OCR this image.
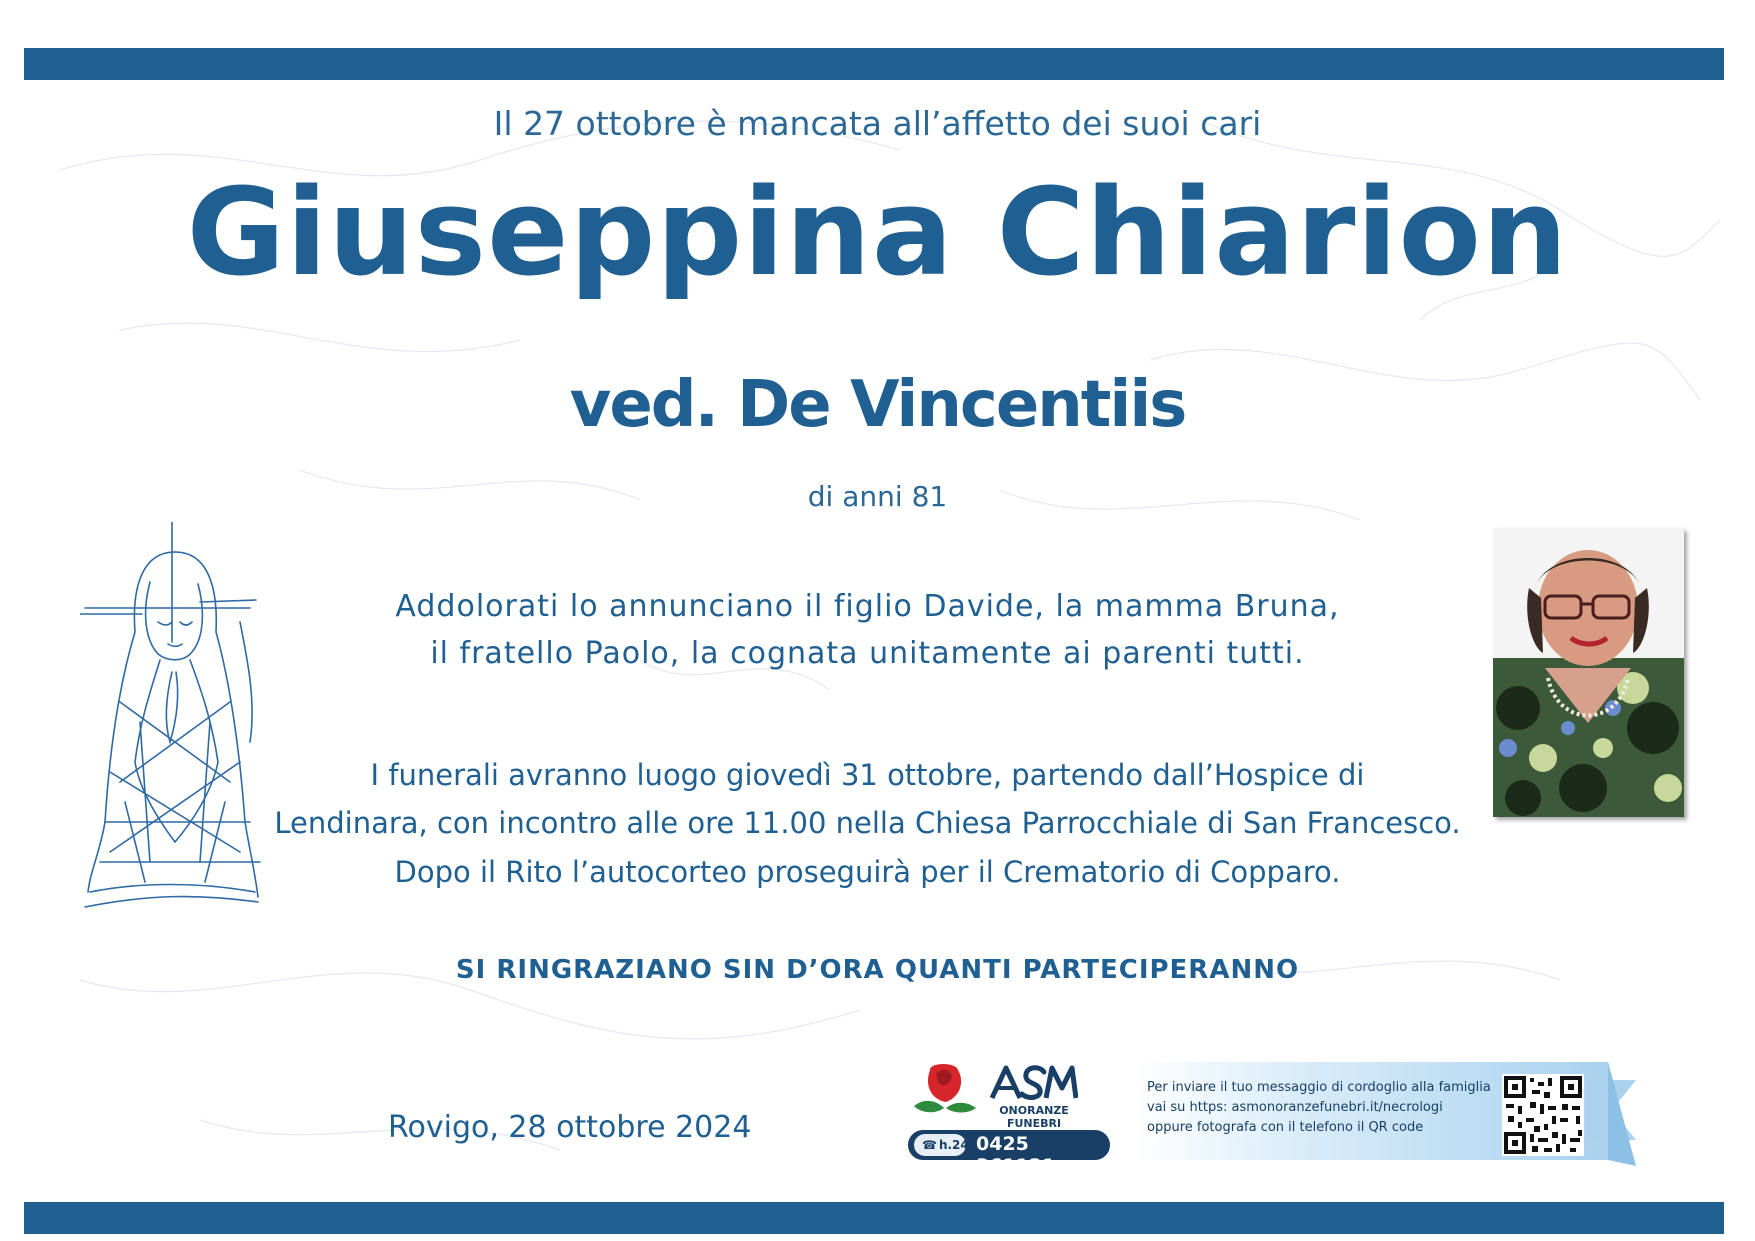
Il 27 ottobre è mancata all’affetto dei suoi cari
Giuseppina Chiarion
ved. De Vincentiis
di anni 81
Addolorati lo annunciano il figlio Davide, la mamma Bruna,
il fratello Paolo, la cognata unitamente ai parenti tutti.
I funerali avranno luogo giovedì 31 ottobre, partendo dall’Hospice di
Lendinara, con incontro alle ore 11.00 nella Chiesa Parrocchiale di San Francesco.
Dopo il Rito l’autocorteo proseguirà per il Crematorio di Copparo.
SI RINGRAZIANO SIN D’ORA QUANTI PARTECIPERANNO
Rovigo, 28 ottobre 2024	ONORANZE FUNEBRI
☎ h.24 0425 361121
Per inviare il tuo messaggio di cordoglio alla famiglia
vai su https: asmonoranzefunebri.it/necrologi
oppure fotografa con il telefono il QR code
